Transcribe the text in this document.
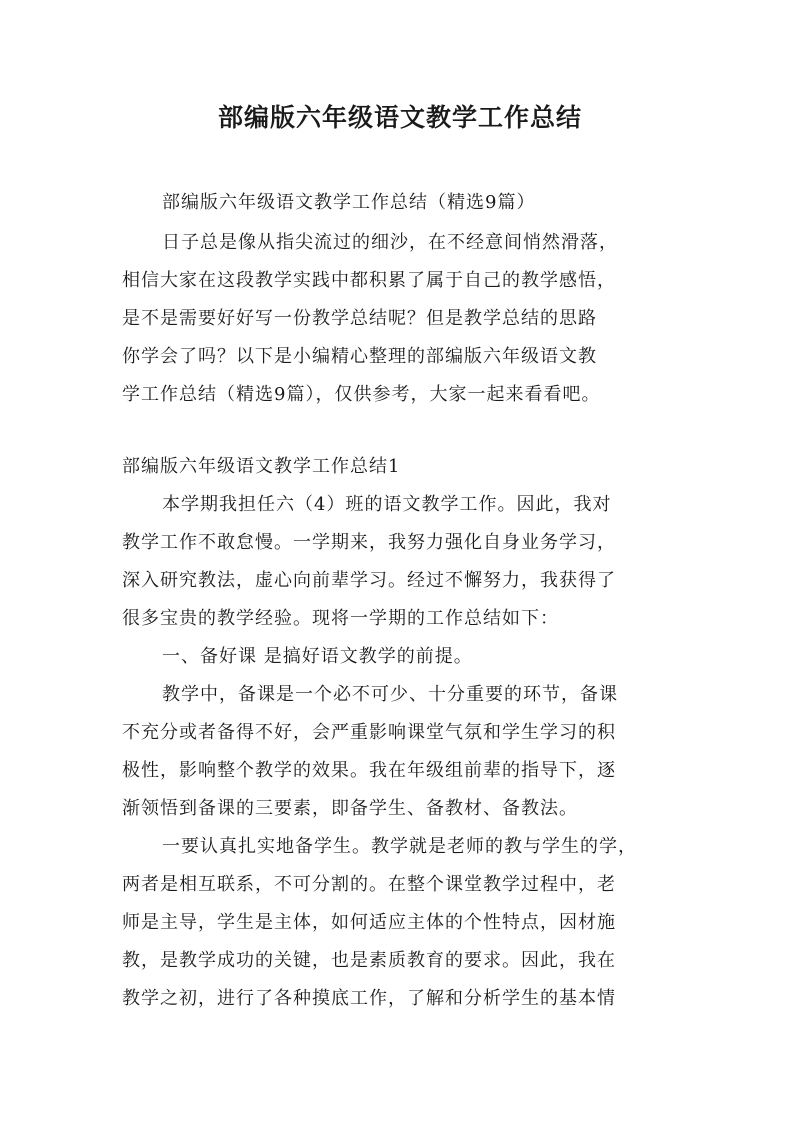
部编版六年级语文教学工作总结
部编版六年级语文教学工作总结（精选9篇）
日子总是像从指尖流过的细沙，在不经意间悄然滑落，
相信大家在这段教学实践中都积累了属于自己的教学感悟，
是不是需要好好写一份教学总结呢？但是教学总结的思路
你学会了吗？以下是小编精心整理的部编版六年级语文教
学工作总结（精选9篇），仅供参考，大家一起来看看吧。
部编版六年级语文教学工作总结1
本学期我担任六（4）班的语文教学工作。因此，我对
教学工作不敢怠慢。一学期来，我努力强化自身业务学习，
深入研究教法，虚心向前辈学习。经过不懈努力，我获得了
很多宝贵的教学经验。现将一学期的工作总结如下：
一、备好课 是搞好语文教学的前提。
教学中，备课是一个必不可少、十分重要的环节，备课
不充分或者备得不好，会严重影响课堂气氛和学生学习的积
极性，影响整个教学的效果。我在年级组前辈的指导下，逐
渐领悟到备课的三要素，即备学生、备教材、备教法。
一要认真扎实地备学生。教学就是老师的教与学生的学，
两者是相互联系，不可分割的。在整个课堂教学过程中，老
师是主导，学生是主体，如何适应主体的个性特点，因材施
教，是教学成功的关键，也是素质教育的要求。因此，我在
教学之初，进行了各种摸底工作，了解和分析学生的基本情
